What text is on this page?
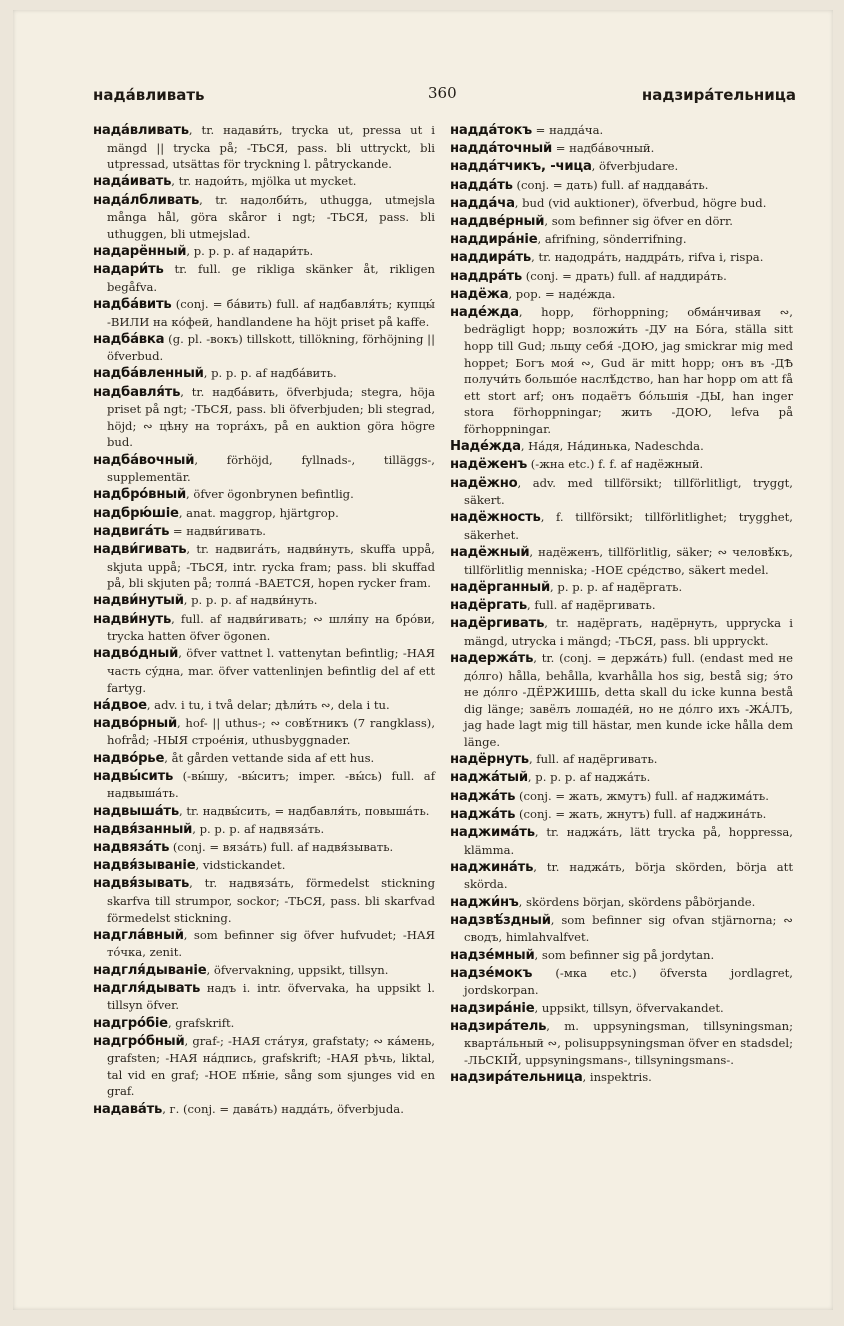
надáвливать	360	надзирáтельница

надáвливать, tr. надави́ть, trycka ut, pressa ut i mängd || trycka på; -ТЬСЯ, pass. bli uttryckt, bli utpressad, utsättas för tryckning l. påtryckande.

надáивать, tr. надои́ть, mjölka ut mycket.

надáлбливать, tr. надолби́ть, uthugga, utmejsla många hål, göra skåror i ngt; -ТЬСЯ, pass. bli uthuggen, bli utmejslad.

надарённый, p. p. p. af надари́ть.

надари́ть tr. full. ge rikliga skänker åt, rikligen begåfva.

надбáвить (conj. = бáвить) full. af надбавля́ть; купцы́ -ВИЛИ на кóфей, handlandene ha höjt priset på kaffe.

надбáвка (g. pl. -вокъ) tillskott, tillökning, förhöjning || öfverbud.

надбáвленный, p. p. p. af надбáвить.

надбавля́ть, tr. надбáвить, öfverbjuda; stegra, höja priset på ngt; -ТЬСЯ, pass. bli öfverbjuden; bli stegrad, höjd; ∾ цѣну на торгáхъ, på en auktion göra högre bud.

надбáвочный, förhöjd, fyllnads-, tilläggs-, supplementär.

надбрóвный, öfver ögonbrynen befintlig.

надбрю́шіе, anat. maggrop, hjärtgrop.

надвигáть = надви́гивать.

надви́гивать, tr. надвигáть, надви́нуть, skuffa uppå, skjuta uppå; -ТЬСЯ, intr. rycka fram; pass. bli skuffad på, bli skjuten på; толпá -ВАЕТСЯ, hopen rycker fram.

надви́нутый, p. p. p. af надви́нуть.

надви́нуть, full. af надви́гивать; ∾ шля́пу на брóви, trycka hatten öfver ögonen.

надвóдный, öfver vattnet l. vattenytan befintlig; -НАЯ часть сýдна, mar. öfver vattenlinjen befintlig del af ett fartyg.

нáдвое, adv. i tu, i två delar; дѣли́ть ∾, dela i tu.

надвóрный, hof- || uthus-; ∾ совѣ́тникъ (7 rangklass), hofråd; -НЫЯ строéнія, uthusbyggnader.

надвóрье, åt gården vettande sida af ett hus.

надвы́сить (-вы́шу, -вы́ситъ; imper. -вы́сь) full. af надвышáть.

надвышáть, tr. надвы́сить, = надбавля́ть, повышáть.

надвя́занный, p. p. p. af надвязáть.

надвязáть (conj. = вязáть) full. af надвя́зывать.

надвя́зываніе, vidstickandet.

надвя́зывать, tr. надвязáть, förmedelst stickning skarfva till strumpor, sockor; -ТЬСЯ, pass. bli skarfvad förmedelst stickning.

надглáвный, som befinner sig öfver hufvudet; -НАЯ тóчка, zenit.

надгля́дываніе, öfvervakning, uppsikt, tillsyn.

надгля́дывать надъ i. intr. öfvervaka, ha uppsikt l. tillsyn öfver.

надгрóбіе, grafskrift.

надгрóбный, graf-; -НАЯ стáтуя, grafstaty; ∾ кáмень, grafsten; -НАЯ нáдпись, grafskrift; -НАЯ рѣчь, liktal, tal vid en graf; -НОЕ пѣ́ніе, sång som sjunges vid en graf.

надавáть, г. (conj. = давáть) наддáть, öfverbjuda.

наддáтокъ = наддáча.

наддáточный = надбáвочный.

наддáтчикъ, -чица, öfverbjudare.

наддáть (conj. = дать) full. af наддавáть.

наддáча, bud (vid auktioner), öfverbud, högre bud.

наддвéрный, som befinner sig öfver en dörr.

наддирáніе, afrifning, sönderrifning.

наддирáть, tr. надодрáть, наддрáть, rifva i, rispa.

наддрáть (conj. = драть) full. af наддирáть.

надёжа, pop. = надéжда.

надéжда, hopp, förhoppning; обмáнчивая ∾, bedrägligt hopp; возложи́ть -ДУ на Бóга, ställa sitt hopp till Gud; льщу себя́ -ДОЮ, jag smickrar mig med hoppet; Богъ моя́ ∾, Gud är mitt hopp; онъ въ -ДѢ получи́ть большóе наслѣ́дство, han har hopp om att få ett stort arf; онъ подаётъ бóльшія -ДЫ, han inger stora förhoppningar; жить -ДОЮ, lefva på förhoppningar.

Надéжда, Нáдя, Нáдинька, Nadeschda.

надёженъ (-жна etc.) f. f. af надёжный.

надёжно, adv. med tillförsikt; tillförlitligt, tryggt, säkert.

надёжность, f. tillförsikt; tillförlitlighet; trygghet, säkerhet.

надёжный, надёженъ, tillförlitlig, säker; ∾ человѣ́къ, tillförlitlig menniska; -НОЕ срéдство, säkert medel.

надёрганный, p. p. p. af надёргать.

надёргать, full. af надёргивать.

надёргивать, tr. надёргать, надёрнуть, upprycka i mängd, utrycka i mängd; -ТЬСЯ, pass. bli uppryckt.

надержáть, tr. (conj. = держáть) full. (endast med не дóлго) hålla, behålla, kvarhålla hos sig, bestå sig; э́то не дóлго -ДЁРЖИШЬ, detta skall du icke kunna bestå dig länge; завёлъ лошадéй, но не дóлго ихъ -ЖÁЛЪ, jag hade lagt mig till hästar, men kunde icke hålla dem länge.

надёрнуть, full. af надёргивать.

наджáтый, p. p. p. af наджáть.

наджáть (conj. = жать, жмутъ) full. af наджимáть.

наджáть (conj. = жать, жнутъ) full. af наджинáть.

наджимáть, tr. наджáть, lätt trycka på, hoppressa, klämma.

наджинáть, tr. наджáть, börja skörden, börja att skörda.

наджи́нъ, skördens början, skördens påbörjande.

надзвѣ́здный, som befinner sig ofvan stjärnorna; ∾ сводъ, himlahvalfvet.

надзéмный, som befinner sig på jordytan.

надзéмокъ (-мка etc.) öfversta jordlagret, jordskorpan.

надзирáніе, uppsikt, tillsyn, öfvervakandet.

надзирáтель, m. uppsyningsman, tillsyningsman; квартáльный ∾, polisuppsyningsman öfver en stadsdel; -ЛЬСКІЙ, uppsyningsmans-, tillsyningsmans-.

надзирáтельница, inspektris.
